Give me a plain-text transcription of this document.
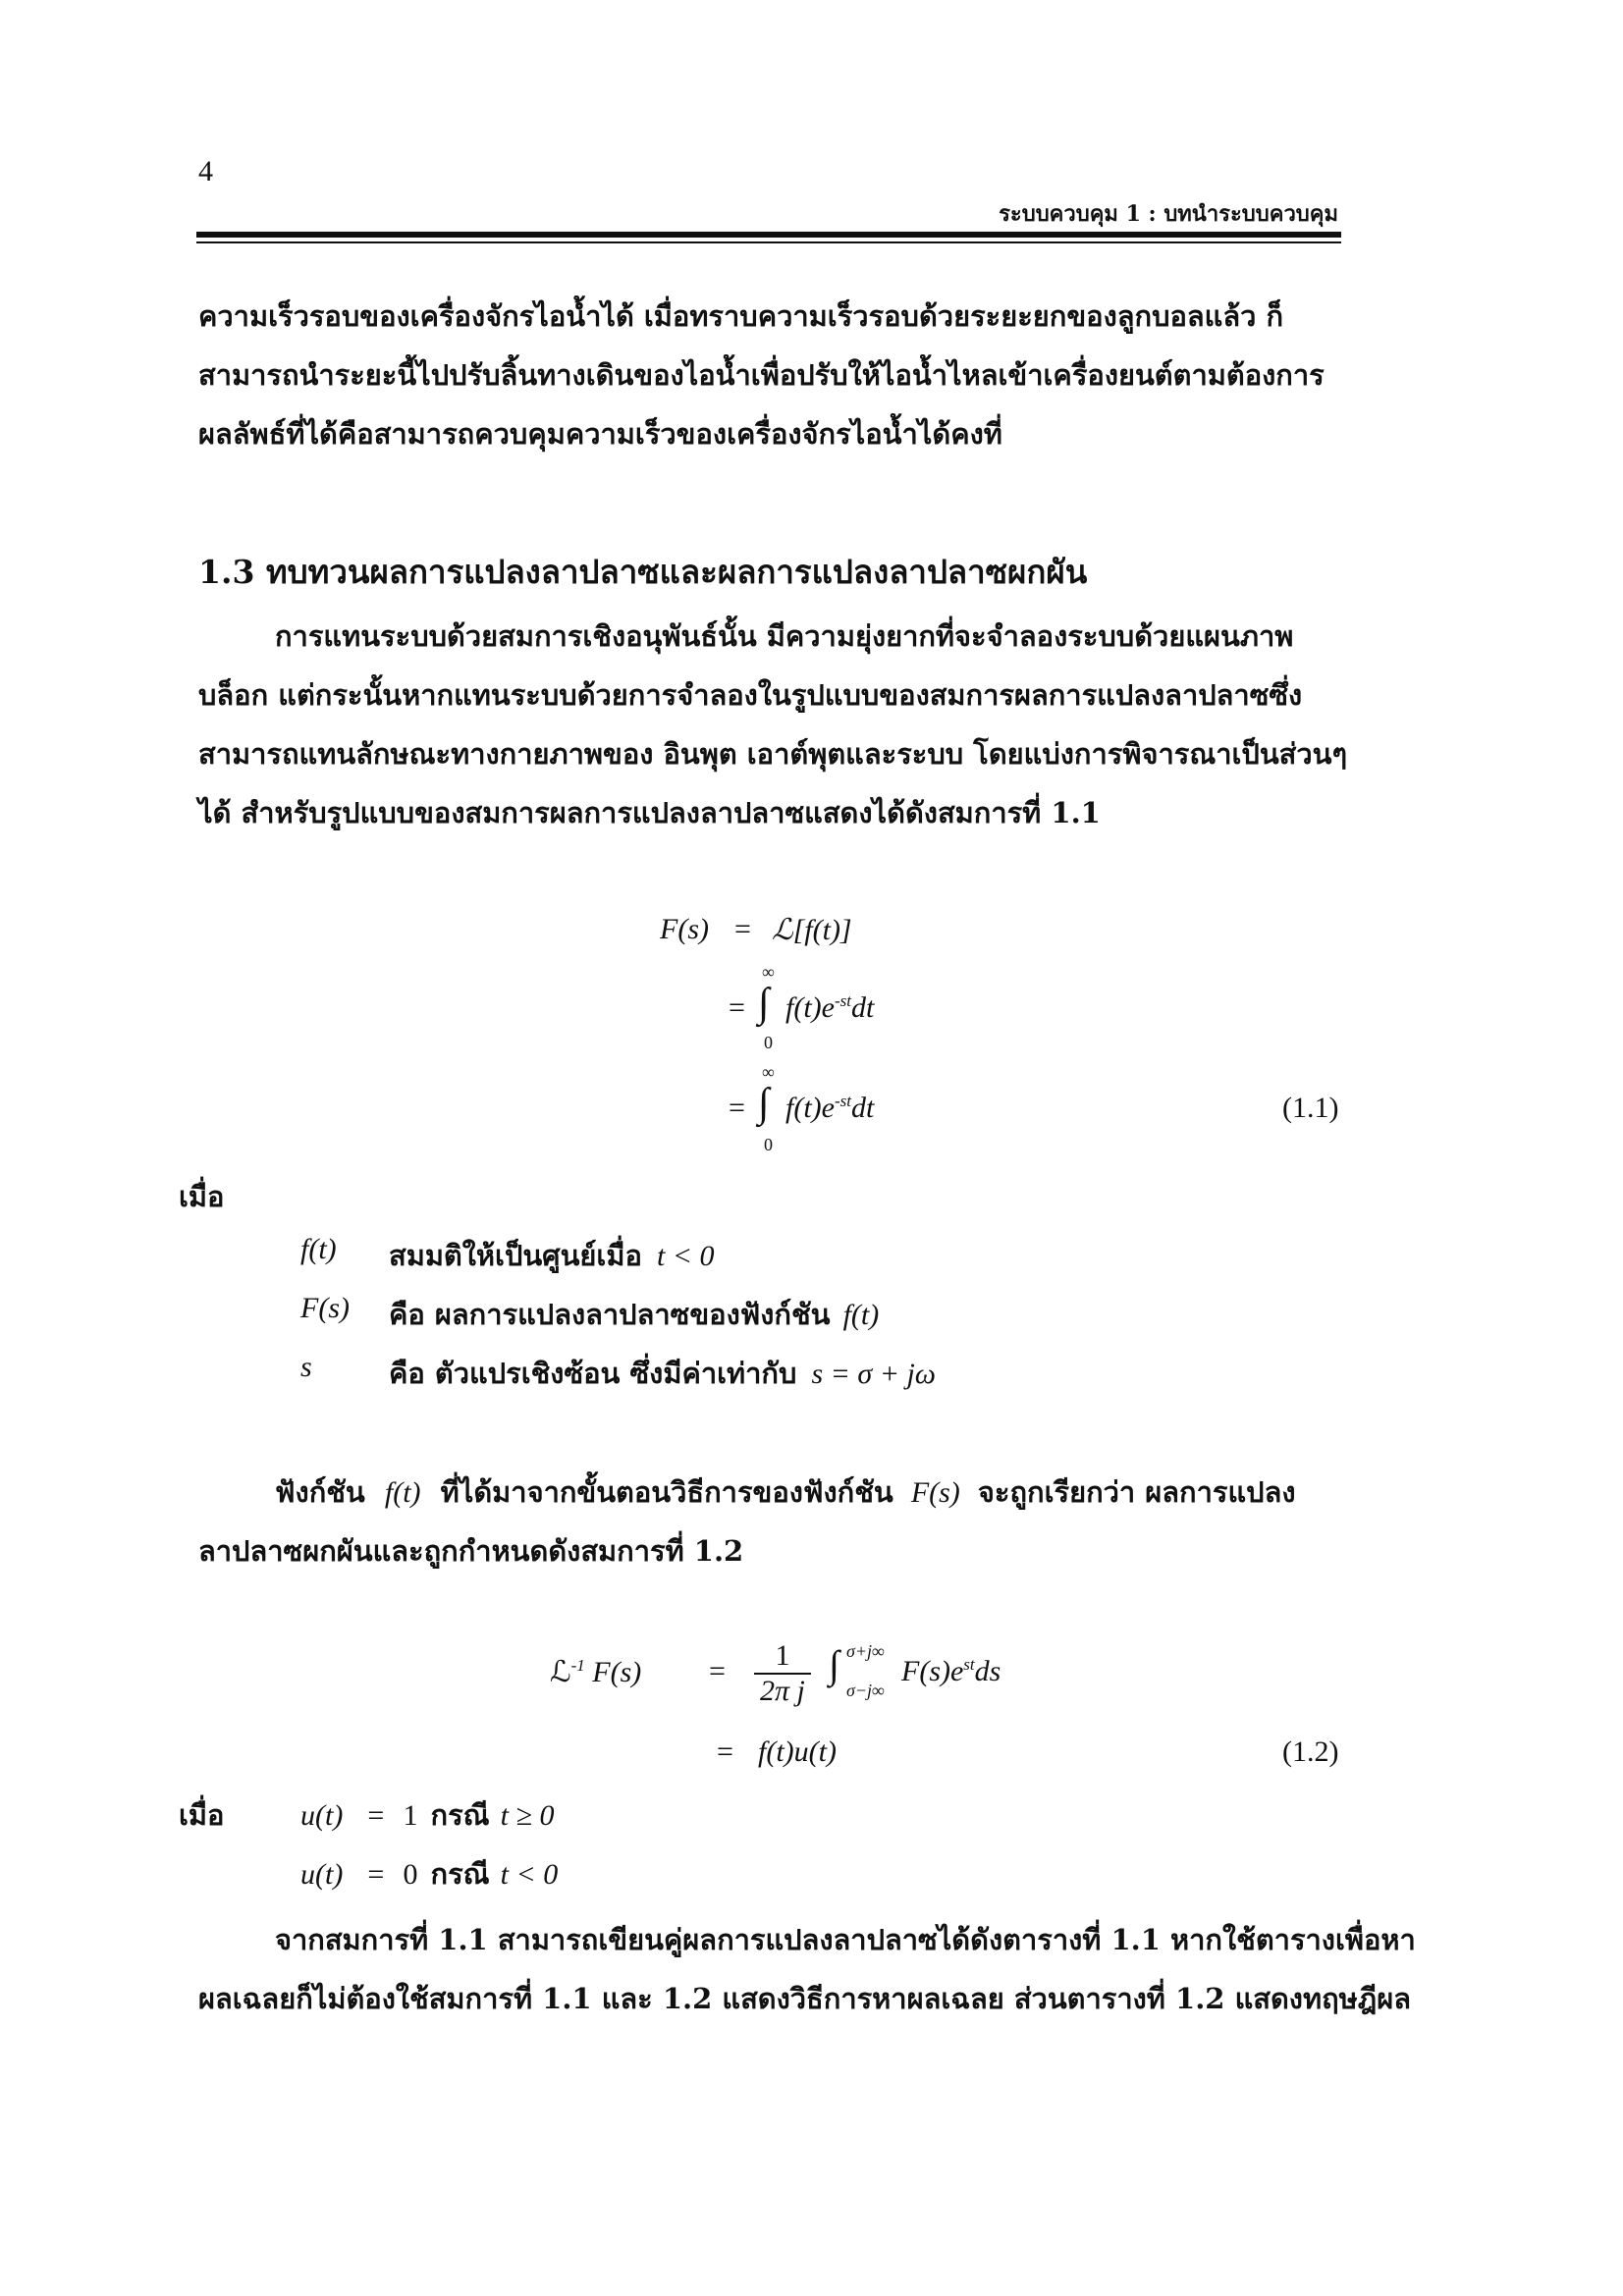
4
ระบบควบคุม 1 : บทนำระบบควบคุม
ความเร็วรอบของเครื่องจักรไอน้ำได้ เมื่อทราบความเร็วรอบด้วยระยะยกของลูกบอลแล้ว ก็
สามารถนำระยะนี้ไปปรับลิ้นทางเดินของไอน้ำเพื่อปรับให้ไอน้ำไหลเข้าเครื่องยนต์ตามต้องการ
ผลลัพธ์ที่ได้คือสามารถควบคุมความเร็วของเครื่องจักรไอน้ำได้คงที่
1.3 ทบทวนผลการแปลงลาปลาซและผลการแปลงลาปลาซผกผัน
การแทนระบบด้วยสมการเชิงอนุพันธ์นั้น มีความยุ่งยากที่จะจำลองระบบด้วยแผนภาพ
บล็อก แต่กระนั้นหากแทนระบบด้วยการจำลองในรูปแบบของสมการผลการแปลงลาปลาซซึ่ง
สามารถแทนลักษณะทางกายภาพของ อินพุต เอาต์พุตและระบบ โดยแบ่งการพิจารณาเป็นส่วนๆ
ได้ สำหรับรูปแบบของสมการผลการแปลงลาปลาซแสดงได้ดังสมการที่ 1.1
F(s) = ℒ[f(t)]
=
∞
∫
0
$f(t)e^{-st}dt$
=
∞
∫
0
$f(t)e^{-st}dt$	(1.1)
เมื่อ
f(t) สมมติให้เป็นศูนย์เมื่อ t < 0
F(s) คือ ผลการแปลงลาปลาซของฟังก์ชัน f(t)
s	คือ ตัวแปรเชิงซ้อน ซึ่งมีค่าเท่ากับ s = σ + jω
ฟังก์ชัน f(t) ที่ได้มาจากขั้นตอนวิธีการของฟังก์ชัน F(s) จะถูกเรียกว่า ผลการแปลง
ลาปลาซผกผันและถูกกำหนดดังสมการที่ 1.2
ℒ$^{-1}$ $F(s) = \frac{1}{\text{2π j}}$ ∫ σ+j∞
σ−j∞
$F(s)e^{st}ds$
= f(t)u(t)	(1.2)
เมื่อ	u(t) = 1 กรณี t ≥ 0
u(t) = 0 กรณี t < 0
จากสมการที่ 1.1 สามารถเขียนคู่ผลการแปลงลาปลาซได้ดังตารางที่ 1.1 หากใช้ตารางเพื่อหา
ผลเฉลยก็ไม่ต้องใช้สมการที่ 1.1 และ 1.2 แสดงวิธีการหาผลเฉลย ส่วนตารางที่ 1.2 แสดงทฤษฎีผล
